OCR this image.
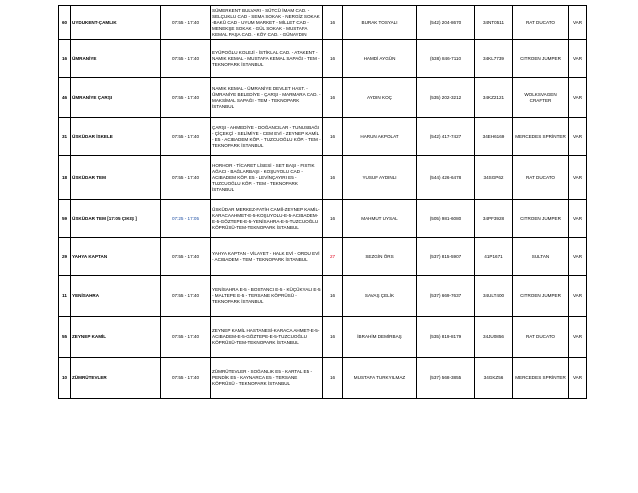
60	UYDUKENT-ÇAMLIK	07:55 - 17:40	SÜMERKENT BULVARI - SÜTCÜ İMAM CAD. - SELÇUKLU CAD - SEMA SOKAK - NERGİZ SOKAK -BAKÜ CAD - UYUM MARKET - MİLLET CAD - MENEKŞE SOKAK - GÜL SOKAK - MUSTAFA KEMAL PAŞA CAD. - KÖY CAD. - GÜNAYDIN	16	BURAK TOSYALI	(542) 204-8670	34NT0511	RAT DUCATO	VAR
16	ÜMRANİYE	07:55 - 17:40	EYÜPOĞLU KOLEJİ - İSTİKLAL CAD. - ATAKENT - NAMIK KEMAL - MUSTAFA KEMAL SAPAĞI - TEM - TEKNOPARK İSTANBUL	16	HAMDİ AYGÜN	(538) 846-7110	34KL7739	CITROEN JUMPER	VAR
46	ÜMRANİYE ÇARŞI	07:55 - 17:40	NAMIK KEMAL - ÜMRANİYE DEVLET HAST. - ÜMRANİYE BELEDİYE - ÇARŞI - MARMARA CAD. - MAKSİMAL SAPAĞI - TEM - TEKNOPARK İSTANBUL	16	AYDIN KOÇ	(535) 202-3212	34KZ2121	WOLKSVAGEN CRAFTER	VAR
31	ÜSKÜDAR İSKELE	07:55 - 17:40	ÇARŞI - AHMEDİYE - DOĞANCILAR - TUNUSBAĞI - ÇİÇEKÇİ - SELİMİYE - CEM EVİ - ZEYNEP KAMİL - E5 - ACIBADEM KÖP. - TUZCUOĞLU KÖP. - TEM - TEKNOPARK İSTANBUL	16	HARUN AKPOLAT	(542) 417-7427	34EH6169	MERCEDES SPRİNTER	VAR
18	ÜSKÜDAR TEM	07:55 - 17:40	HORHOR - TİCARET LİSESİ - SET BAŞI - FISTIK AĞACI - BAĞLARBAŞI - KOŞUYOLU CAD - ACIBADEM KÖP. E5 - LEVİNÇAYIRI E5 - TUZCUOĞLU KÖP. - TEM - TEKNOPARK İSTANBUL	16	YUSUF AYDINLI	(544) 426-6478	34SGP62	RAT DUCATO	VAR
59	ÜSKÜDAR TEM [17:05 ÇIKIŞ ]	07:25 - 17:05	ÜSKÜDAR MERKEZ-FATİH CAMİİ-ZEYNEP KAMİL-KARACAAHMET-E-5-KOŞUYOLU-E-5-ACIBADEM-E-5-GÖZTEPE-E-5-YENİSAHRA-E-5-TUZCUOĞLU KÖPRÜSÜ-TEM-TEKNOPARK İSTANBUL	16	MAHMUT UYSAL	(505) 981-6080	34PF3928	CITROEN JUMPER	VAR
29	YAHYA KAPTAN	07:55 - 17:40	YAHYA KAPTAN - VİLAYET - HALK EVİ - ORDU EVİ - ACIBADEM - TEM - TEKNOPARK İSTANBUL	27	SEZGİN ÖRS	(537) 815-5907	41P1671	SULTAN	VAR
11	YENİSAHRA	07:55 - 17:40	YENİSAHRA E-5 - BOSTANCI E-5 - KÜÇÜKYALI E-5 - MALTEPE E-5 - TERSANE KÖPRÜSÜ - TEKNOPARK İSTANBUL	16	SAVAŞ ÇELİK	(537) 669-7637	34ULT400	CITROEN JUMPER	VAR
55	ZEYNEP KAMİL	07:55 - 17:40	ZEYNEP KAMİL HASTANESİ-KARACA AHMET-E-5-ACIBADEM-E-5-GÖZTEPE-E-5-TUZCUOĞLU KÖPRÜSÜ-TEM-TEKNOPARK İSTANBUL	16	İBRAHİM DEMİRBAŞ	(535) 819-8179	34JU0856	RAT DUCATO	VAR
10	ZÜMRÜTEVLER	07:55 - 17:40	ZÜMRÜTEVLER - SOĞANLIK E5 - KARTAL E5 - PENDİK E5 - KAYNARCA E5 - TERSANE KÖPRÜSÜ - TEKNOPARK İSTANBUL	16	MUSTAFA TURKYILMAZ	(537) 568-3855	34GKZ56	MERCEDES SPRİNTER	VAR
